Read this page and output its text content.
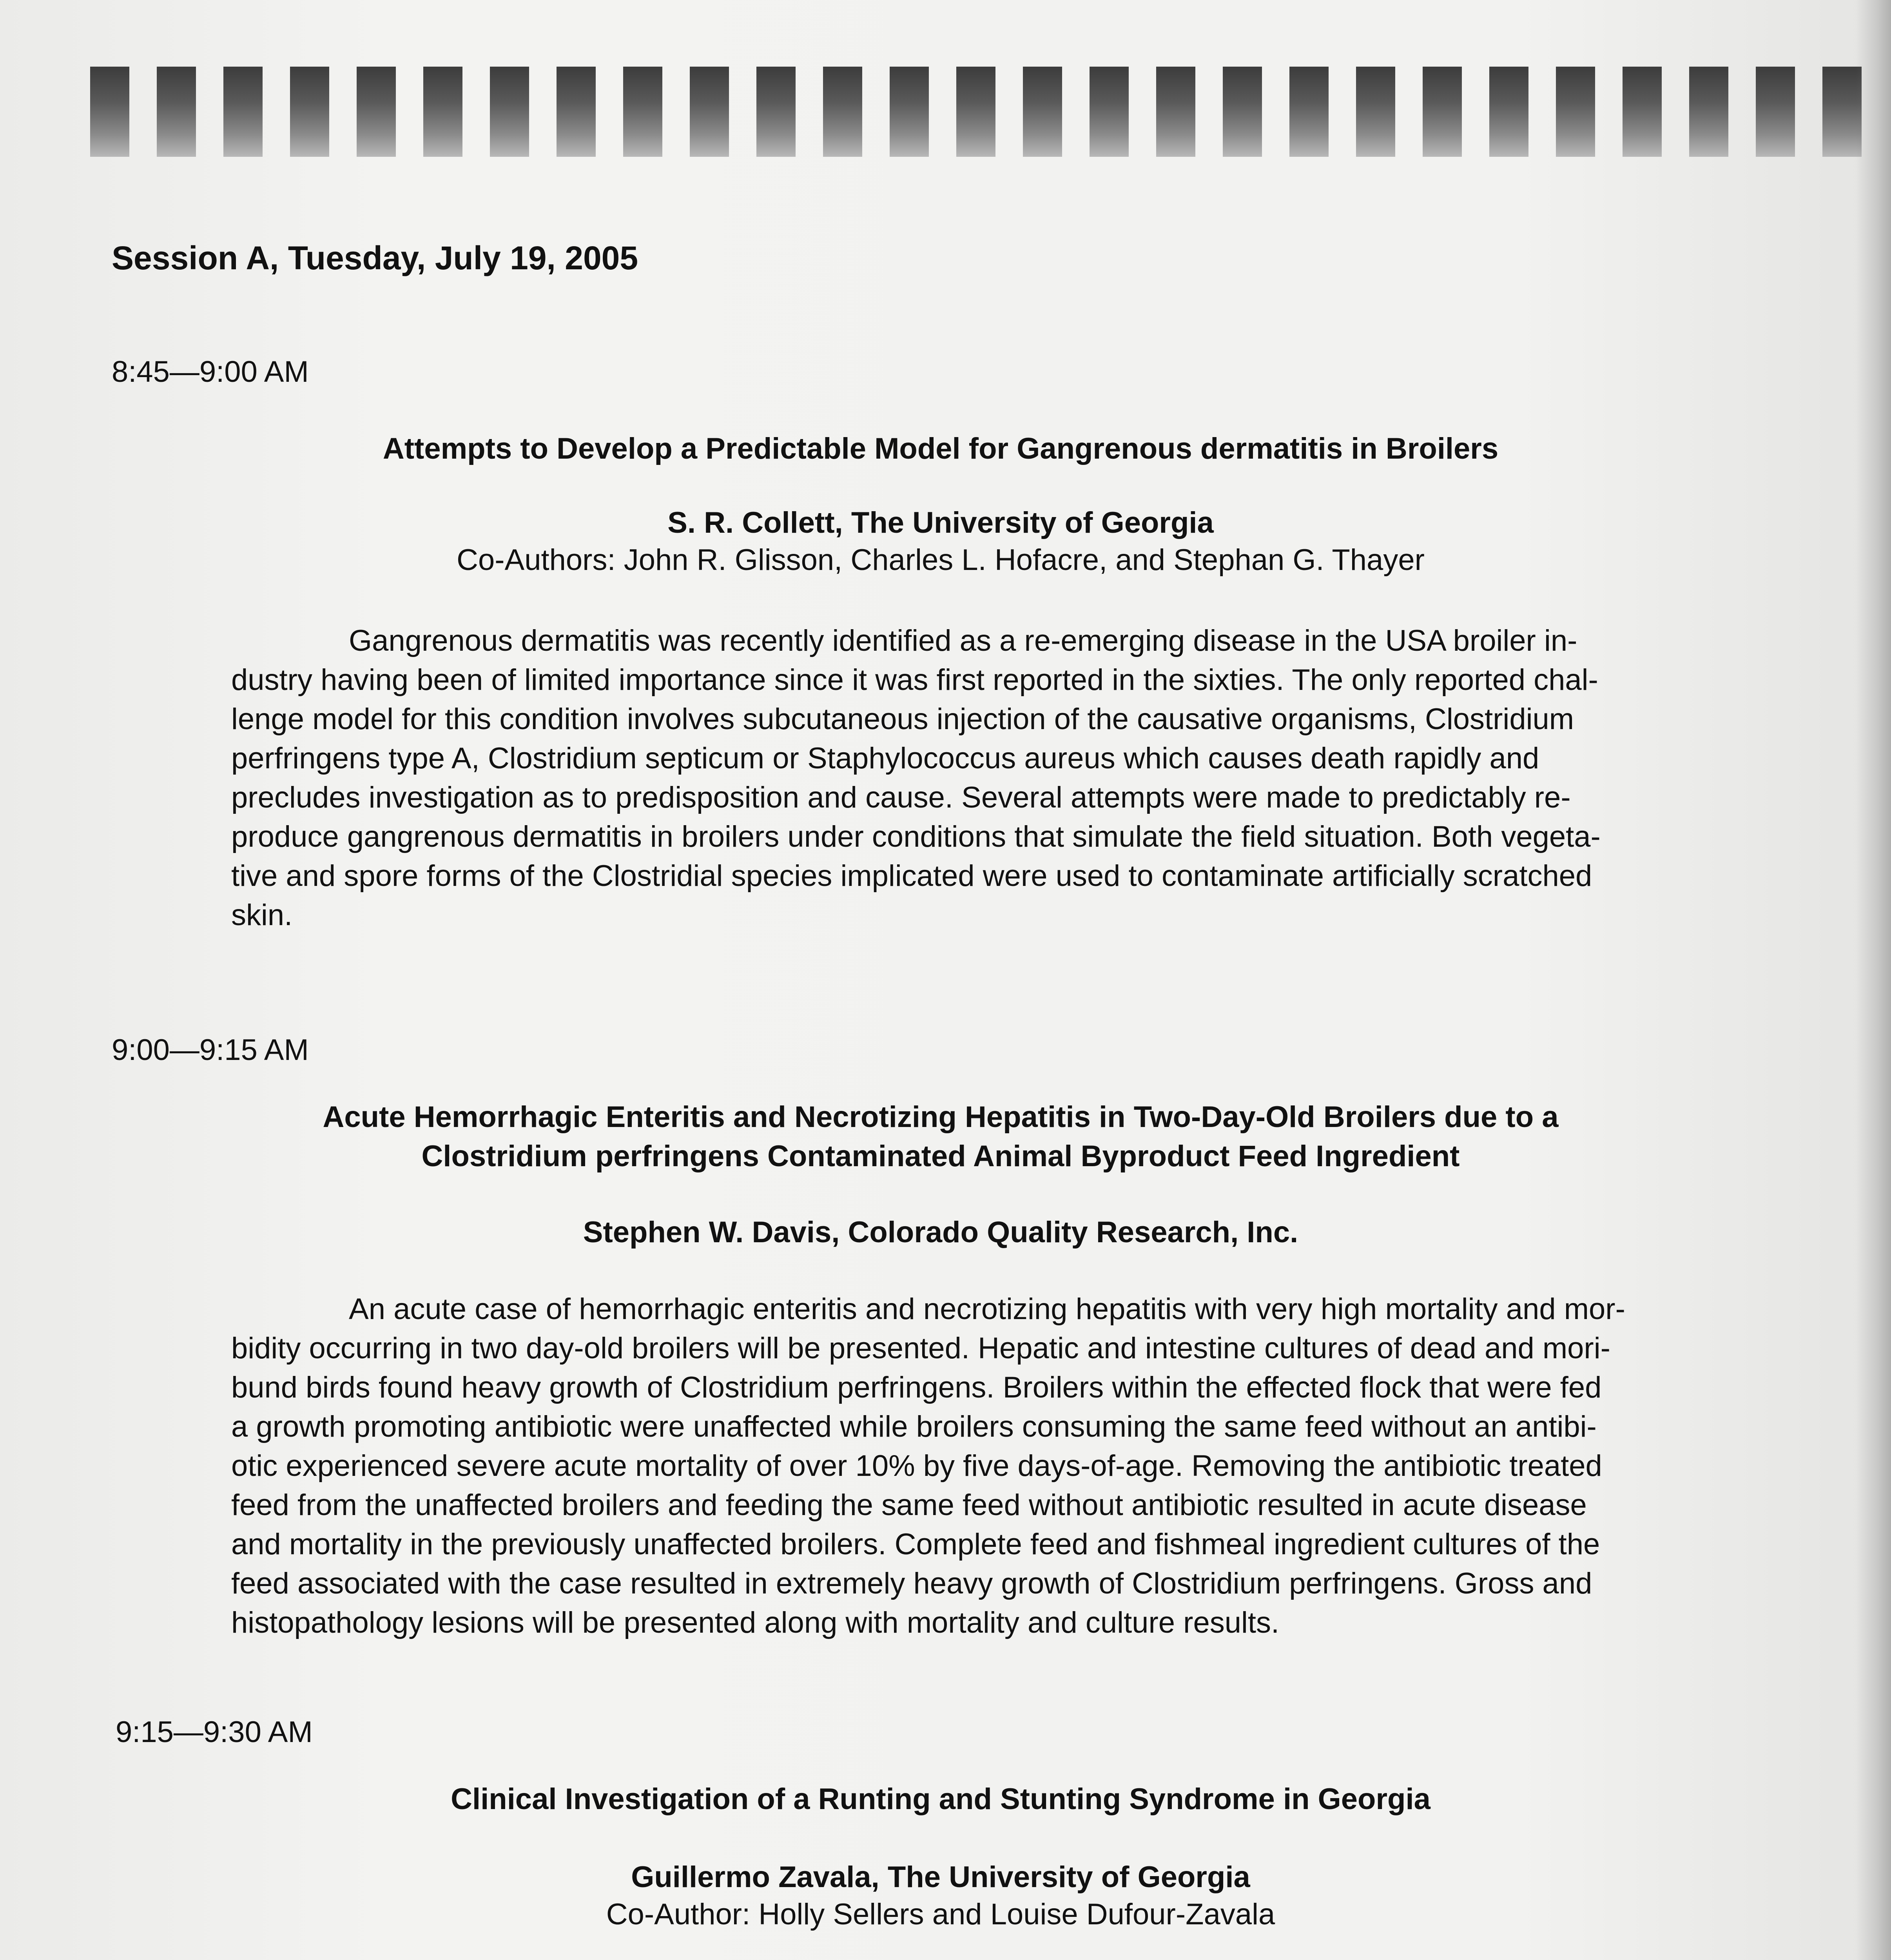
Session A, Tuesday, July 19, 2005
8:45—9:00 AM
Attempts to Develop a Predictable Model for Gangrenous dermatitis in Broilers
S. R. Collett, The University of Georgia
Co-Authors: John R. Glisson, Charles L. Hofacre, and Stephan G. Thayer
Gangrenous dermatitis was recently identified as a re-emerging disease in the USA broiler in-
dustry having been of limited importance since it was first reported in the sixties. The only reported chal-
lenge model for this condition involves subcutaneous injection of the causative organisms, Clostridium
perfringens type A, Clostridium septicum or Staphylococcus aureus which causes death rapidly and
precludes investigation as to predisposition and cause. Several attempts were made to predictably re-
produce gangrenous dermatitis in broilers under conditions that simulate the field situation. Both vegeta-
tive and spore forms of the Clostridial species implicated were used to contaminate artificially scratched
skin.
9:00—9:15 AM
Acute Hemorrhagic Enteritis and Necrotizing Hepatitis in Two-Day-Old Broilers due to a
Clostridium perfringens Contaminated Animal Byproduct Feed Ingredient
Stephen W. Davis, Colorado Quality Research, Inc.
An acute case of hemorrhagic enteritis and necrotizing hepatitis with very high mortality and mor-
bidity occurring in two day-old broilers will be presented. Hepatic and intestine cultures of dead and mori-
bund birds found heavy growth of Clostridium perfringens. Broilers within the effected flock that were fed
a growth promoting antibiotic were unaffected while broilers consuming the same feed without an antibi-
otic experienced severe acute mortality of over 10% by five days-of-age. Removing the antibiotic treated
feed from the unaffected broilers and feeding the same feed without antibiotic resulted in acute disease
and mortality in the previously unaffected broilers. Complete feed and fishmeal ingredient cultures of the
feed associated with the case resulted in extremely heavy growth of Clostridium perfringens. Gross and
histopathology lesions will be presented along with mortality and culture results.
9:15—9:30 AM
Clinical Investigation of a Runting and Stunting Syndrome in Georgia
Guillermo Zavala, The University of Georgia
Co-Author: Holly Sellers and Louise Dufour-Zavala
